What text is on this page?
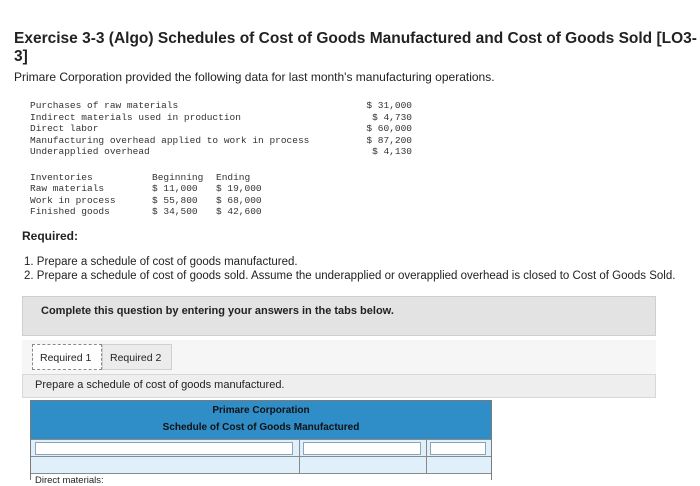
Exercise 3-3 (Algo) Schedules of Cost of Goods Manufactured and Cost of Goods Sold [LO3-3]

Primare Corporation provided the following data for last month's manufacturing operations.

Purchases of raw materials	$ 31,000
Indirect materials used in production	$ 4,730
Direct labor	$ 60,000
Manufacturing overhead applied to work in process	$ 87,200
Underapplied overhead	$ 4,130
Inventories	Beginning	Ending
Raw materials	$ 11,000	$ 19,000
Work in process	$ 55,800	$ 68,000
Finished goods	$ 34,500	$ 42,600
Required:
1. Prepare a schedule of cost of goods manufactured.
2. Prepare a schedule of cost of goods sold. Assume the underapplied or overapplied overhead is closed to Cost of Goods Sold.
Complete this question by entering your answers in the tabs below.
Required 1	Required 2
Prepare a schedule of cost of goods manufactured.
Primare Corporation
Schedule of Cost of Goods Manufactured
Direct materials:
